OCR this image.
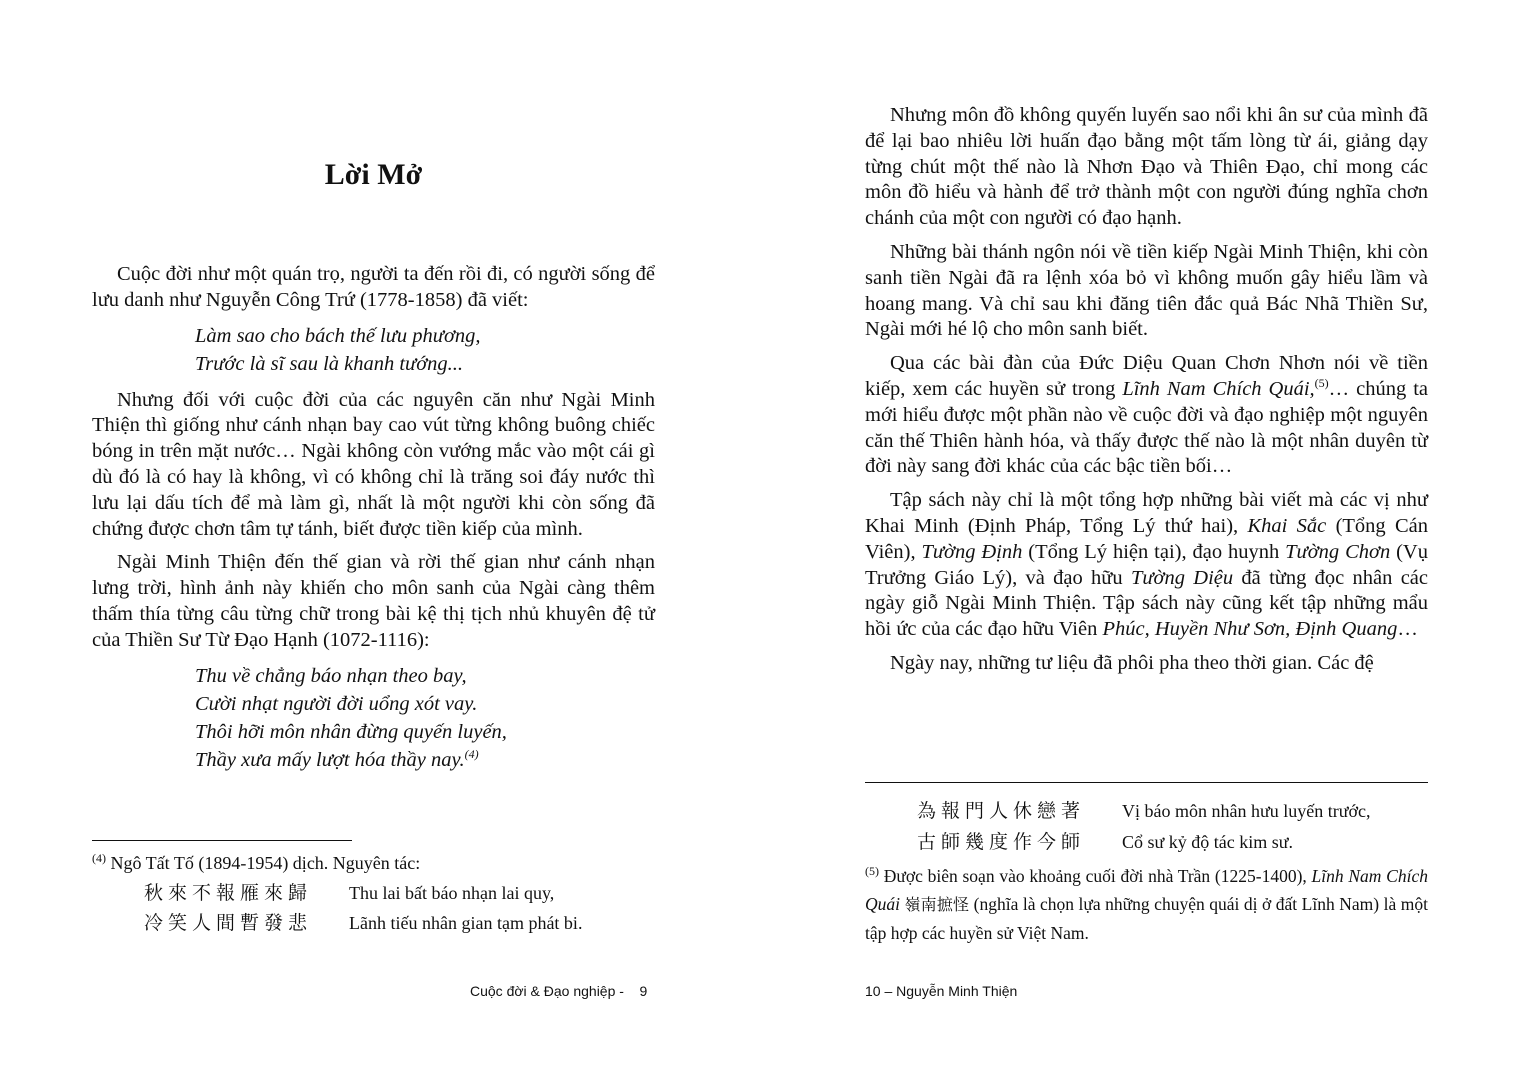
Lời Mở

Cuộc đời như một quán trọ, người ta đến rồi đi, có người sống để lưu danh như Nguyễn Công Trứ (1778-1858) đã viết:

Làm sao cho bách thế lưu phương,
Trước là sĩ sau là khanh tướng...

Nhưng đối với cuộc đời của các nguyên căn như Ngài Minh Thiện thì giống như cánh nhạn bay cao vút từng không buông chiếc bóng in trên mặt nước… Ngài không còn vướng mắc vào một cái gì dù đó là có hay là không, vì có không chỉ là trăng soi đáy nước thì lưu lại dấu tích để mà làm gì, nhất là một người khi còn sống đã chứng được chơn tâm tự tánh, biết được tiền kiếp của mình.

Ngài Minh Thiện đến thế gian và rời thế gian như cánh nhạn lưng trời, hình ảnh này khiến cho môn sanh của Ngài càng thêm thấm thía từng câu từng chữ trong bài kệ thị tịch nhủ khuyên đệ tử của Thiền Sư Từ Đạo Hạnh (1072-1116):

Thu về chẳng báo nhạn theo bay,
Cười nhạt người đời uổng xót vay.
Thôi hỡi môn nhân đừng quyến luyến,
Thầy xưa mấy lượt hóa thầy nay.$^{(4)}$
$^{(4)}$ Ngô Tất Tố (1894-1954) dịch. Nguyên tác:
秋來不報雁來歸	Thu lai bất báo nhạn lai quy,
冷笑人間暫發悲	Lãnh tiếu nhân gian tạm phát bi.
Cuộc đời & Đạo nghiệp -    9

Nhưng môn đồ không quyến luyến sao nổi khi ân sư của mình đã để lại bao nhiêu lời huấn đạo bằng một tấm lòng từ ái, giảng dạy từng chút một thế nào là Nhơn Đạo và Thiên Đạo, chỉ mong các môn đồ hiểu và hành để trở thành một con người đúng nghĩa chơn chánh của một con người có đạo hạnh.

Những bài thánh ngôn nói về tiền kiếp Ngài Minh Thiện, khi còn sanh tiền Ngài đã ra lệnh xóa bỏ vì không muốn gây hiểu lầm và hoang mang. Và chỉ sau khi đăng tiên đắc quả Bác Nhã Thiền Sư, Ngài mới hé lộ cho môn sanh biết.

Qua các bài đàn của Đức Diệu Quan Chơn Nhơn nói về tiền kiếp, xem các huyền sử trong Lĩnh Nam Chích Quái,$^{(5)}$… chúng ta mới hiểu được một phần nào về cuộc đời và đạo nghiệp một nguyên căn thế Thiên hành hóa, và thấy được thế nào là một nhân duyên từ đời này sang đời khác của các bậc tiền bối…

Tập sách này chỉ là một tổng hợp những bài viết mà các vị như Khai Minh (Định Pháp, Tổng Lý thứ hai), Khai Sắc (Tổng Cán Viên), Tường Định (Tổng Lý hiện tại), đạo huynh Tường Chơn (Vụ Trưởng Giáo Lý), và đạo hữu Tường Diệu đã từng đọc nhân các ngày giỗ Ngài Minh Thiện. Tập sách này cũng kết tập những mẩu hồi ức của các đạo hữu Viên Phúc, Huyền Như Sơn, Định Quang…

Ngày nay, những tư liệu đã phôi pha theo thời gian. Các đệ

為報門人休戀著	Vị báo môn nhân hưu luyến trước,
古師幾度作今師	Cổ sư kỷ độ tác kim sư.

$^{(5)}$ Được biên soạn vào khoảng cuối đời nhà Trần (1225-1400), Lĩnh Nam Chích Quái 嶺南摭怪 (nghĩa là chọn lựa những chuyện quái dị ở đất Lĩnh Nam) là một tập hợp các huyền sử Việt Nam.

10 – Nguyễn Minh Thiện
